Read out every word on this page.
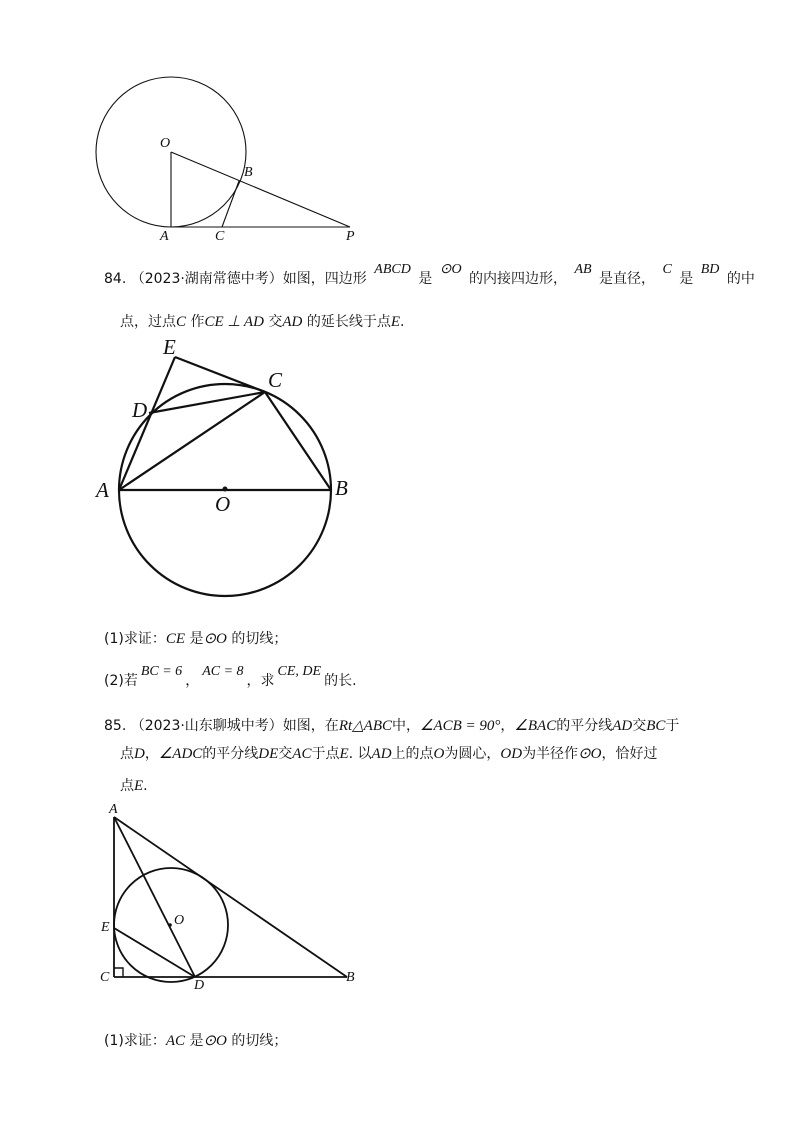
O
B
A	C	P
84. （2023·湖南常德中考）如图，四边形 ABCD 是 ⊙O 的内接四边形， AB 是直径， C 是 BD 的中
点，过点C 作CE ⊥ AD 交AD 的延长线于点E.
E
D
C
A
O
B
(1)求证：CE 是⊙O 的切线；
(2)若BC = 6，AC = 8，求CE, DE的长.
85. （2023·山东聊城中考）如图，在Rt△ABC中，∠ACB = 90°，∠BAC的平分线AD交BC于
点D，∠ADC的平分线DE交AC于点E. 以AD上的点O为圆心，OD为半径作⊙O，恰好过
点E.
A
O
E
C
D
B
(1)求证：AC 是⊙O 的切线；
